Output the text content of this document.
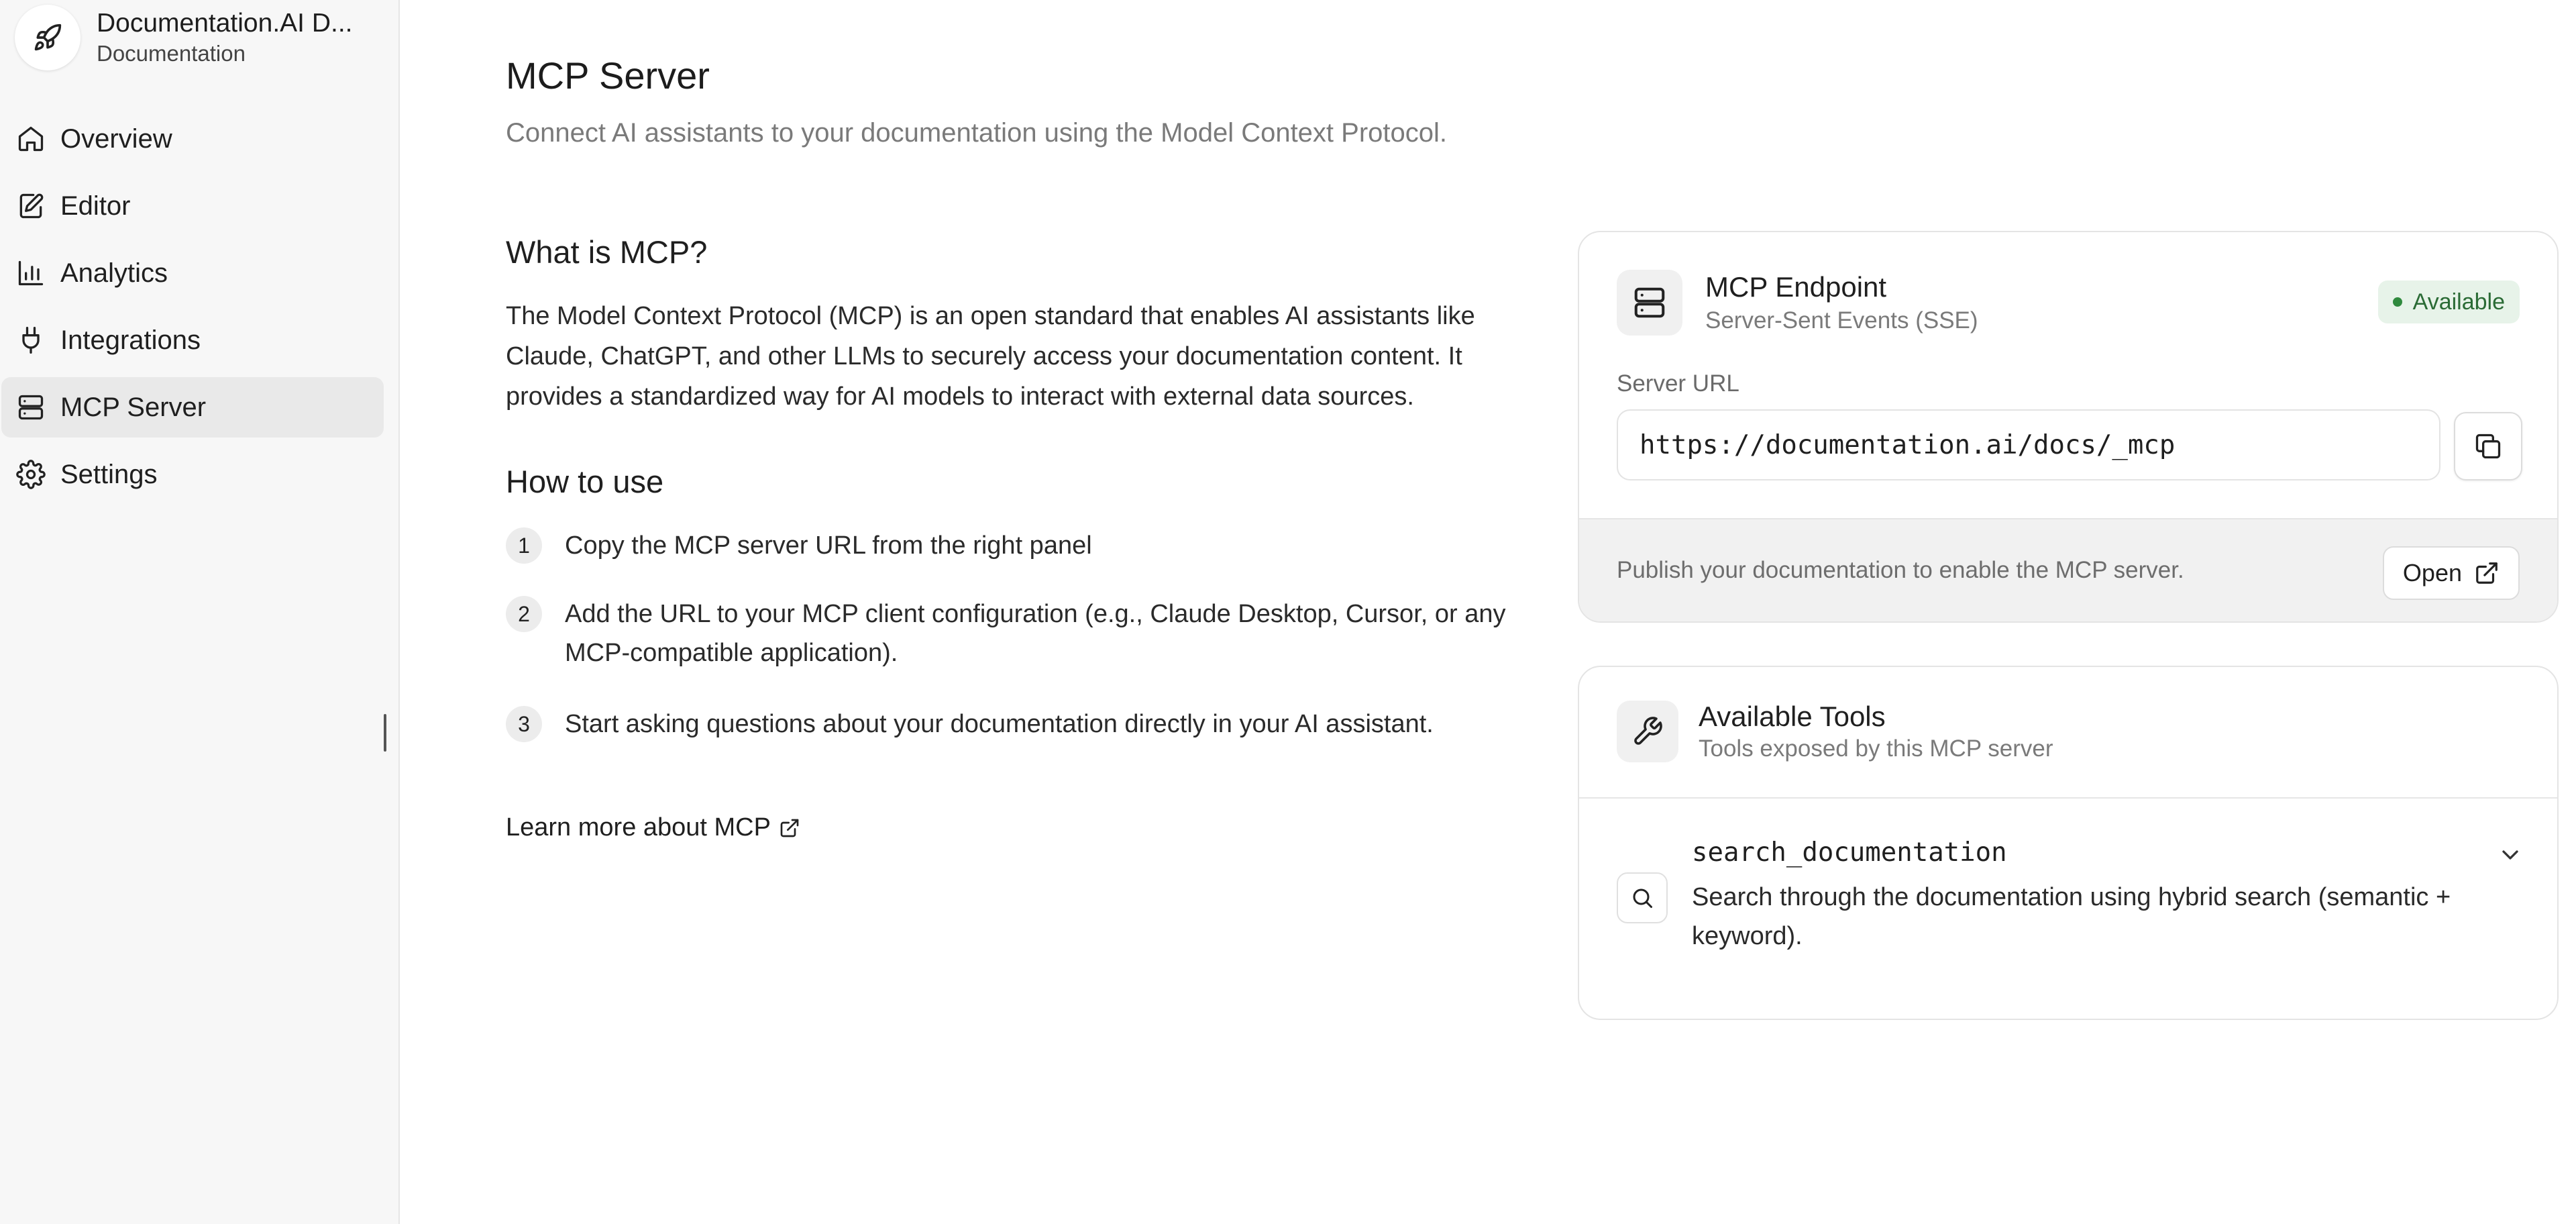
Documentation.AI D...
Documentation
Overview
Editor
Analytics
Integrations
MCP Server
Settings
MCP Server
Connect AI assistants to your documentation using the Model Context Protocol.
What is MCP?
The Model Context Protocol (MCP) is an open standard that enables AI assistants like Claude, ChatGPT, and other LLMs to securely access your documentation content. It provides a standardized way for AI models to interact with external data sources.
How to use
1	Copy the MCP server URL from the right panel
2	Add the URL to your MCP client configuration (e.g., Claude Desktop, Cursor, or any MCP-compatible application).
3	Start asking questions about your documentation directly in your AI assistant.
Learn more about MCP
MCP Endpoint
Server-Sent Events (SSE)
Available
Server URL
https://documentation.ai/docs/_mcp
Publish your documentation to enable the MCP server.	Open
Available Tools
Tools exposed by this MCP server
search_documentation
Search through the documentation using hybrid search (semantic + keyword).
